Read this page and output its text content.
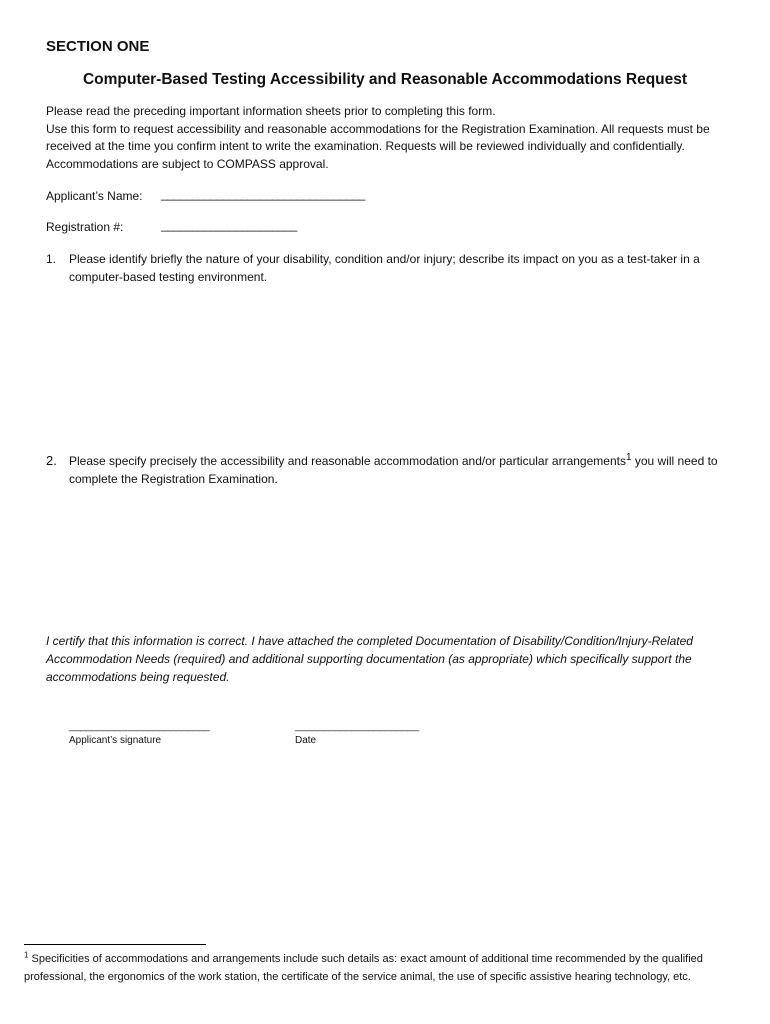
SECTION ONE
Computer-Based Testing Accessibility and Reasonable Accommodations Request

Please read the preceding important information sheets prior to completing this form.

Use this form to request accessibility and reasonable accommodations for the Registration Examination. All requests must be received at the time you confirm intent to write the examination. Requests will be reviewed individually and confidentially. Accommodations are subject to COMPASS approval.

Applicant’s Name: _________________________________
Registration #:	______________________
1. Please identify briefly the nature of your disability, condition and/or injury; describe its impact on you as a test-taker in a computer-based testing environment.
2. Please specify precisely the accessibility and reasonable accommodation and/or particular arrangements$^1$ you will need to complete the Registration Examination.
I certify that this information is correct. I have attached the completed Documentation of Disability/Condition/Injury-Related Accommodation Needs (required) and additional supporting documentation (as appropriate) which specifically support the accommodations being requested.
_________________________
Applicant’s signature
______________________
Date
$^1$ Specificities of accommodations and arrangements include such details as: exact amount of additional time recommended by the qualified professional, the ergonomics of the work station, the certificate of the service animal, the use of specific assistive hearing technology, etc.
